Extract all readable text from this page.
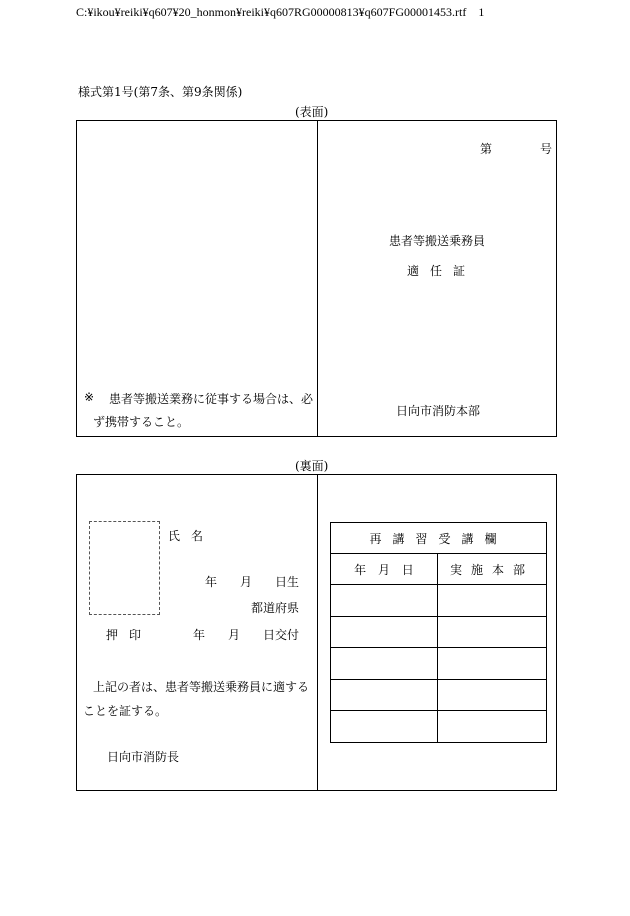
C:¥ikou¥reiki¥q607¥20_honmon¥reiki¥q607RG00000813¥q607FG00001453.rtf 1
様式第1号(第7条、第9条関係)
(表面)
第	号
患者等搬送乗務員
適任証
※ 患者等搬送業務に従事する場合は、必
ず携帯すること。
日向市消防本部
(裏面)
氏名
年 月 日生
都道府県
押印	年 月 日交付
上記の者は、患者等搬送乗務員に適する
ことを証する。
日向市消防長
再講習受講欄	
年 月 日	実施本部
